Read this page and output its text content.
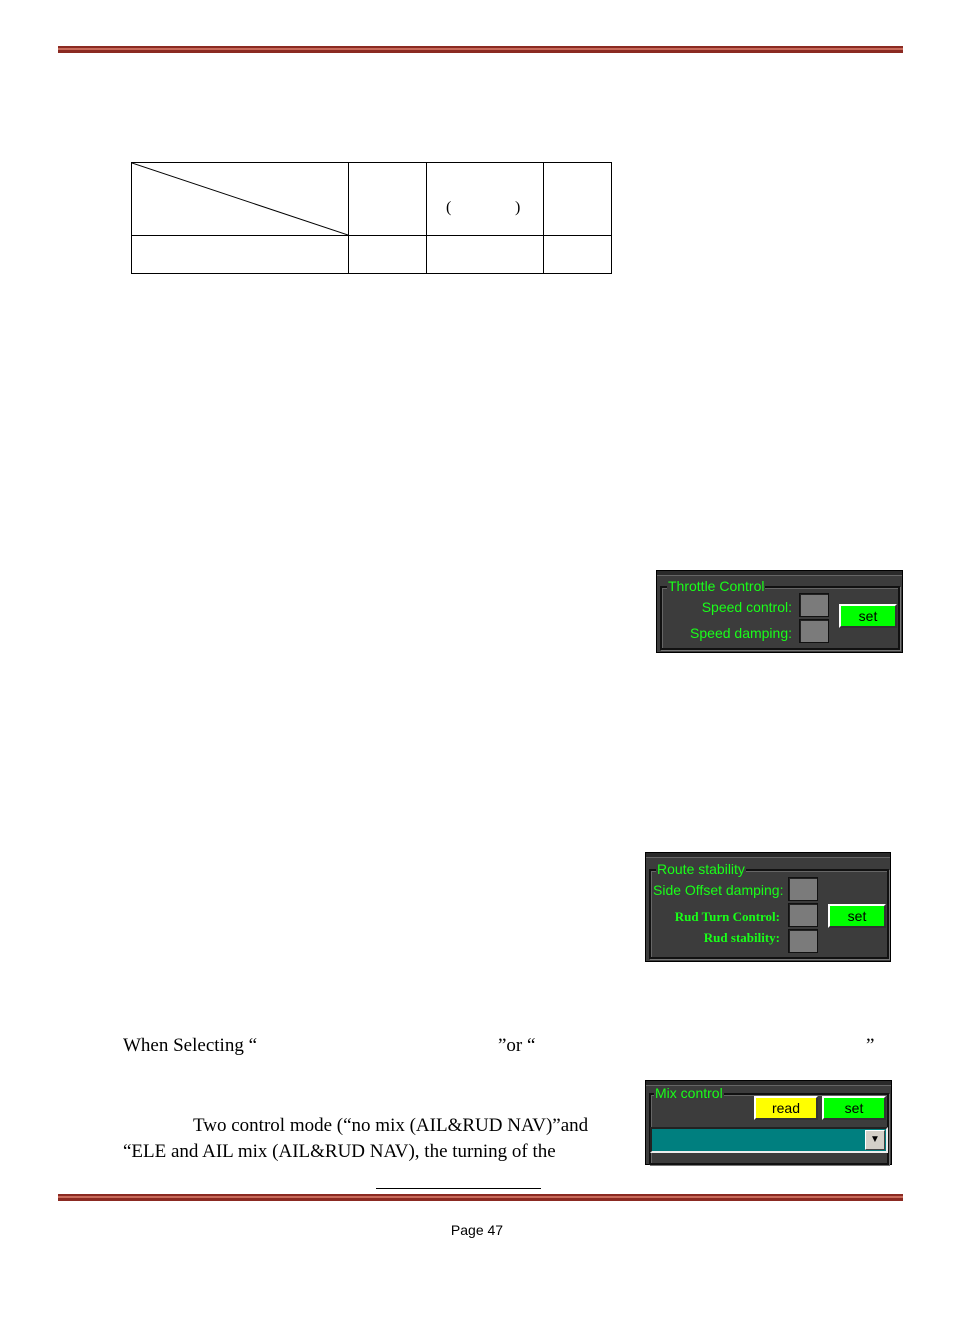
(	)
Throttle Control
Speed control:
Speed damping:
set
Route stability
Side Offset damping:
Rud Turn Control:
Rud stability:
set
When Selecting “	”or “	”
Mix control
read	set
▼
Two control mode (“no mix (AIL&RUD NAV)”and
“ELE and AIL mix (AIL&RUD NAV), the turning of the
Page 47
